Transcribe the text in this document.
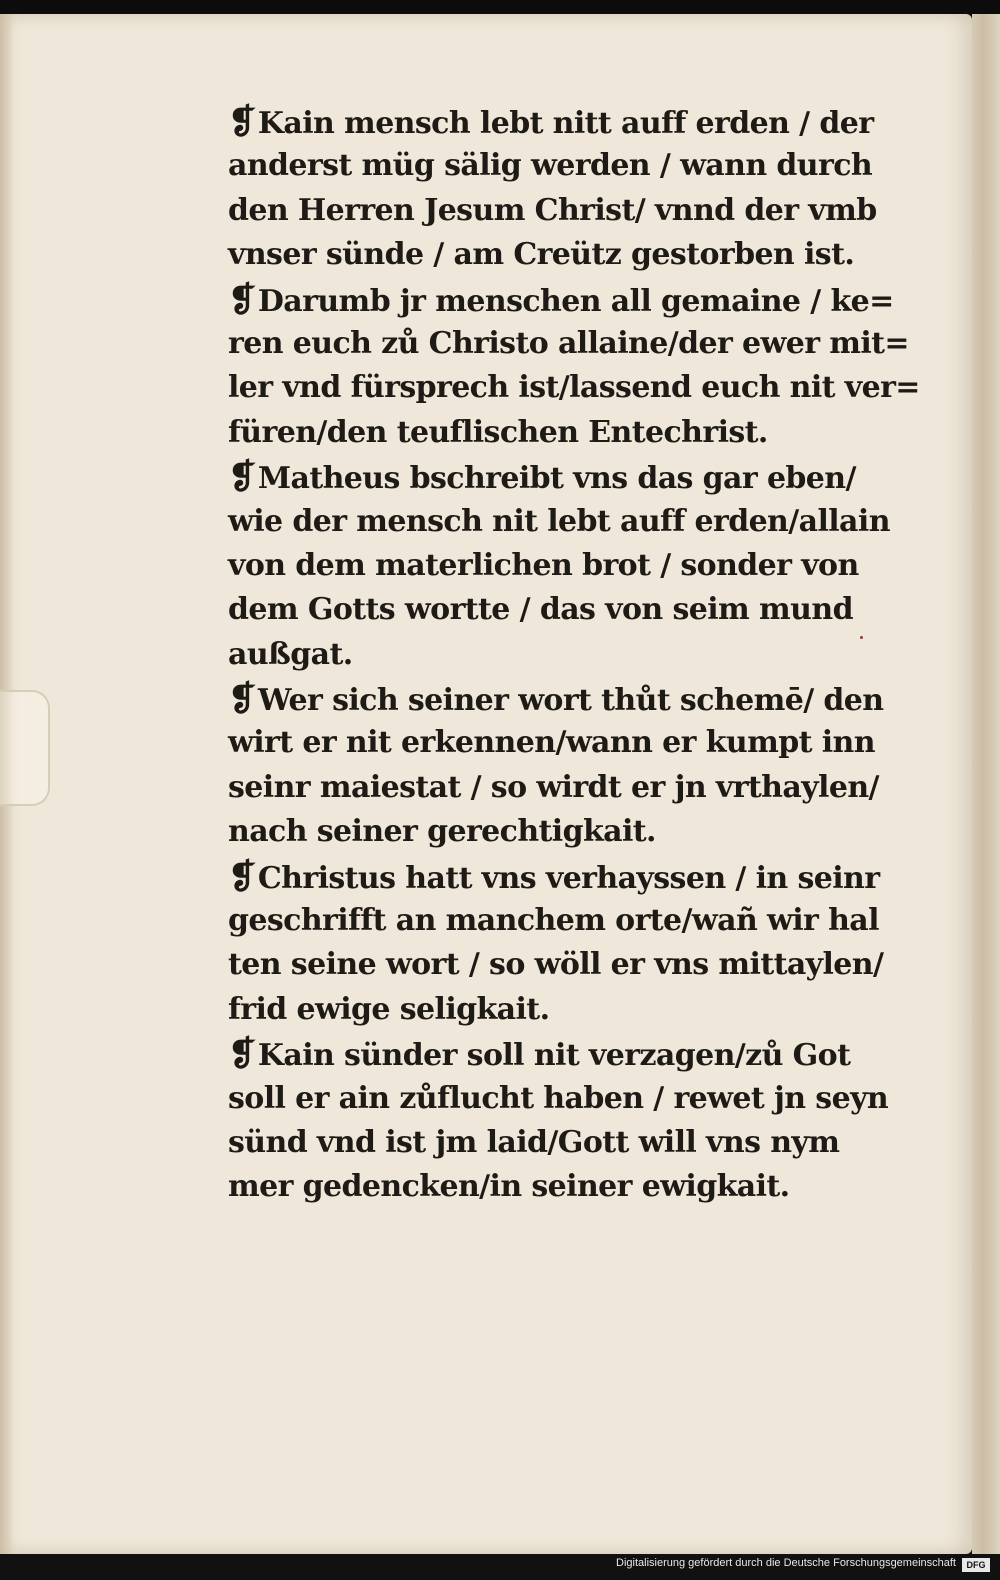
❡Kain mensch lebt nitt auff erden / der
anderst müg sälig werden / wann durch
den Herren Jesum Christ/ vnnd der vmb
vnser sünde / am Creütz gestorben ist.
❡Darumb jr menschen all gemaine / ke=
ren euch zů Christo allaine/der ewer mit=
ler vnd fürsprech ist/lassend euch nit ver=
füren/den teuflischen Entechrist.
❡Matheus bschreibt vns das gar eben/
wie der mensch nit lebt auff erden/allain
von dem materlichen brot / sonder von
dem Gotts wortte / das von seim mund
außgat.
❡Wer sich seiner wort thůt schemē/ den
wirt er nit erkennen/wann er kumpt inn
seinr maiestat / so wirdt er jn vrthaylen/
nach seiner gerechtigkait.
❡Christus hatt vns verhayssen / in seinr
geschrifft an manchem orte/wañ wir hal
ten seine wort / so wöll er vns mittaylen/
frid ewige seligkait.
❡Kain sünder soll nit verzagen/zů Got
soll er ain zůflucht haben / rewet jn seyn
sünd vnd ist jm laid/Gott will vns nym
mer gedencken/in seiner ewigkait.
Digitalisierung gefördert durch die Deutsche Forschungsgemeinschaft	DFG
